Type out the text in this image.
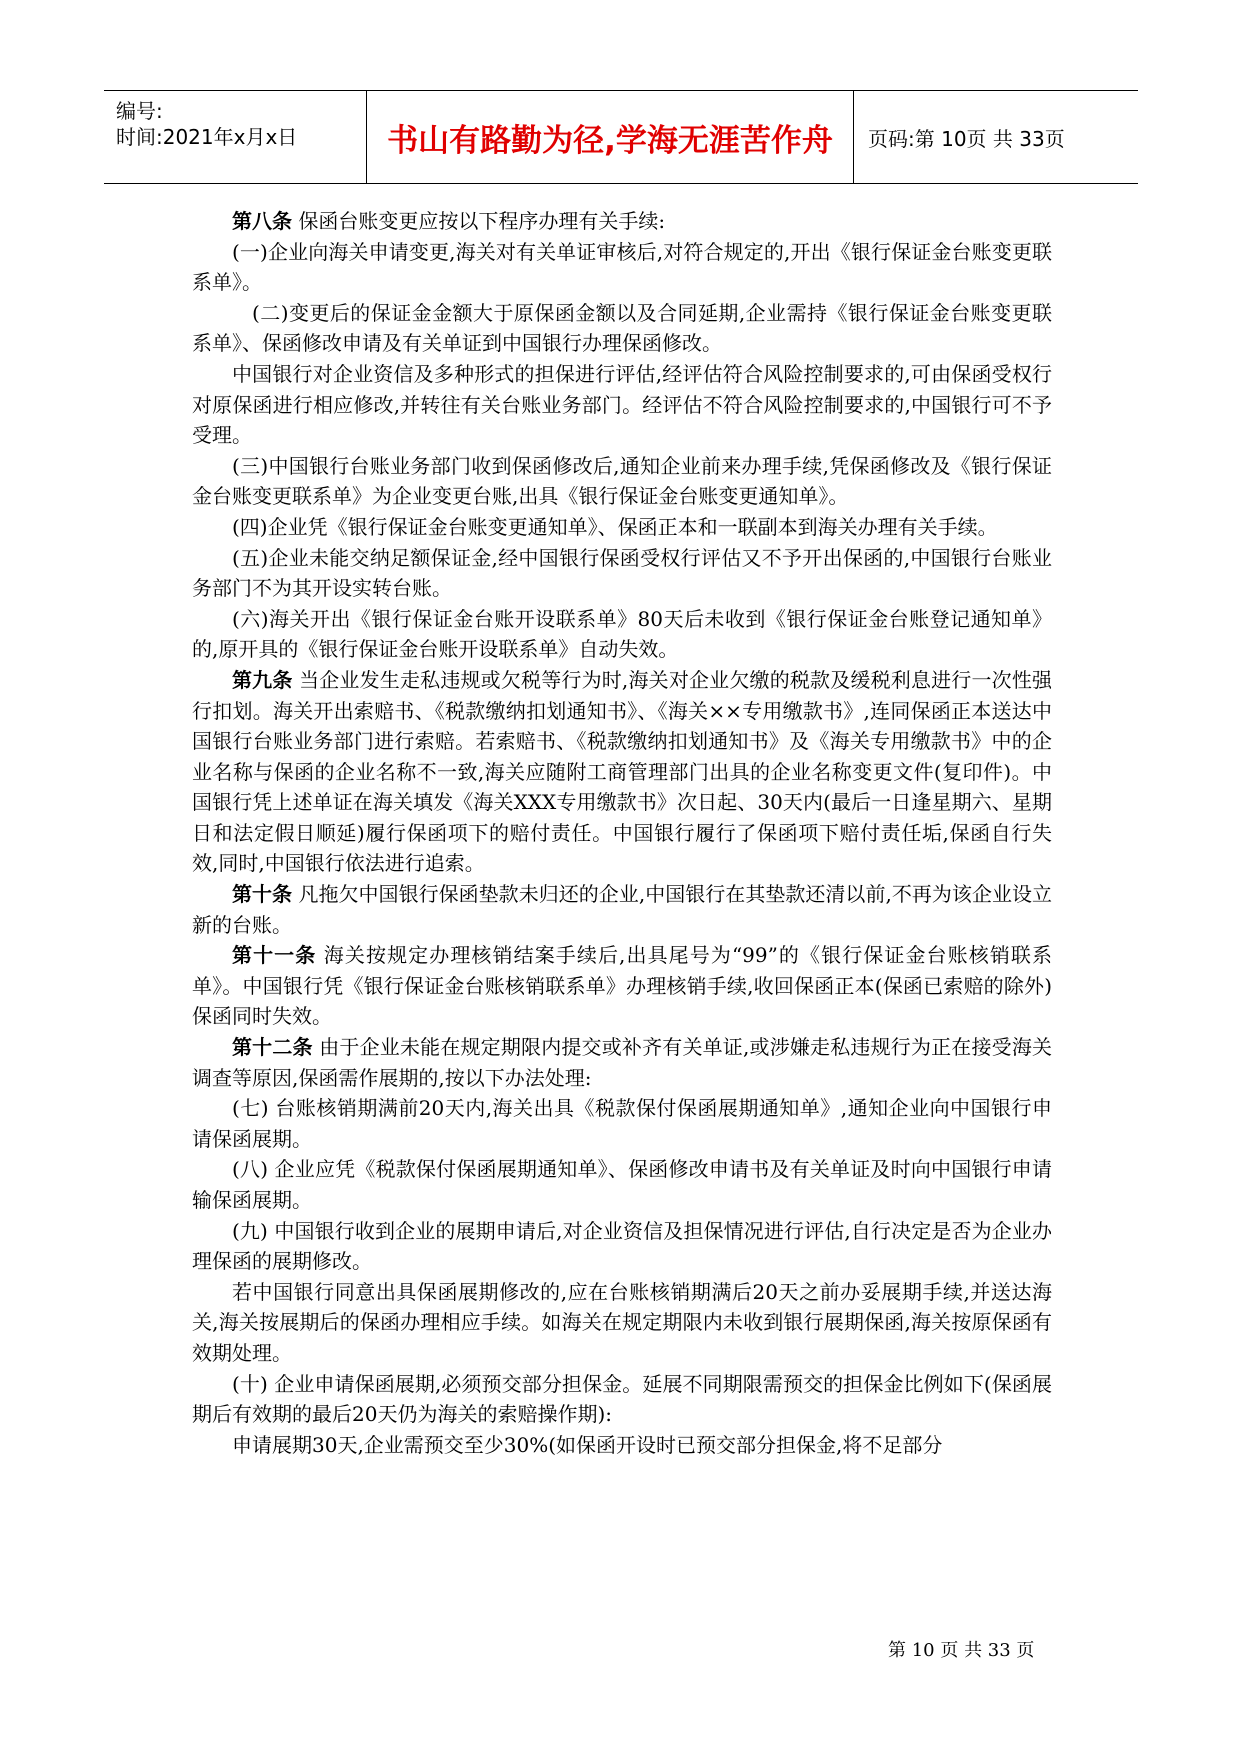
编号:
时间:2021年x月x日	书山有路勤为径,学海无涯苦作舟	页码:第 10页 共 33页

第八条 保函台账变更应按以下程序办理有关手续:

(一)企业向海关申请变更,海关对有关单证审核后,对符合规定的,开出《银行保证金台账变更联系单》。

(二)变更后的保证金金额大于原保函金额以及合同延期,企业需持《银行保证金台账变更联系单》、保函修改申请及有关单证到中国银行办理保函修改。

中国银行对企业资信及多种形式的担保进行评估,经评估符合风险控制要求的,可由保函受权行对原保函进行相应修改,并转往有关台账业务部门。经评估不符合风险控制要求的,中国银行可不予受理。

(三)中国银行台账业务部门收到保函修改后,通知企业前来办理手续,凭保函修改及《银行保证金台账变更联系单》为企业变更台账,出具《银行保证金台账变更通知单》。

(四)企业凭《银行保证金台账变更通知单》、保函正本和一联副本到海关办理有关手续。

(五)企业未能交纳足额保证金,经中国银行保函受权行评估又不予开出保函的,中国银行台账业务部门不为其开设实转台账。

(六)海关开出《银行保证金台账开设联系单》80天后未收到《银行保证金台账登记通知单》的,原开具的《银行保证金台账开设联系单》自动失效。

第九条 当企业发生走私违规或欠税等行为时,海关对企业欠缴的税款及缓税利息进行一次性强行扣划。海关开出索赔书、《税款缴纳扣划通知书》、《海关××专用缴款书》,连同保函正本送达中国银行台账业务部门进行索赔。若索赔书、《税款缴纳扣划通知书》及《海关专用缴款书》中的企业名称与保函的企业名称不一致,海关应随附工商管理部门出具的企业名称变更文件(复印件)。中国银行凭上述单证在海关填发《海关XXX专用缴款书》次日起、30天内(最后一日逢星期六、星期日和法定假日顺延)履行保函项下的赔付责任。中国银行履行了保函项下赔付责任垢,保函自行失效,同时,中国银行依法进行追索。

第十条 凡拖欠中国银行保函垫款未归还的企业,中国银行在其垫款还清以前,不再为该企业设立新的台账。

第十一条 海关按规定办理核销结案手续后,出具尾号为“99”的《银行保证金台账核销联系单》。中国银行凭《银行保证金台账核销联系单》办理核销手续,收回保函正本(保函已索赔的除外)保函同时失效。

第十二条 由于企业未能在规定期限内提交或补齐有关单证,或涉嫌走私违规行为正在接受海关调查等原因,保函需作展期的,按以下办法处理:

(七) 台账核销期满前20天内,海关出具《税款保付保函展期通知单》,通知企业向中国银行申请保函展期。

(八) 企业应凭《税款保付保函展期通知单》、保函修改申请书及有关单证及时向中国银行申请输保函展期。

(九) 中国银行收到企业的展期申请后,对企业资信及担保情况进行评估,自行决定是否为企业办理保函的展期修改。

若中国银行同意出具保函展期修改的,应在台账核销期满后20天之前办妥展期手续,并送达海关,海关按展期后的保函办理相应手续。如海关在规定期限内未收到银行展期保函,海关按原保函有效期处理。

(十) 企业申请保函展期,必须预交部分担保金。延展不同期限需预交的担保金比例如下(保函展期后有效期的最后20天仍为海关的索赔操作期):

申请展期30天,企业需预交至少30%(如保函开设时已预交部分担保金,将不足部分

第 10 页 共 33 页
